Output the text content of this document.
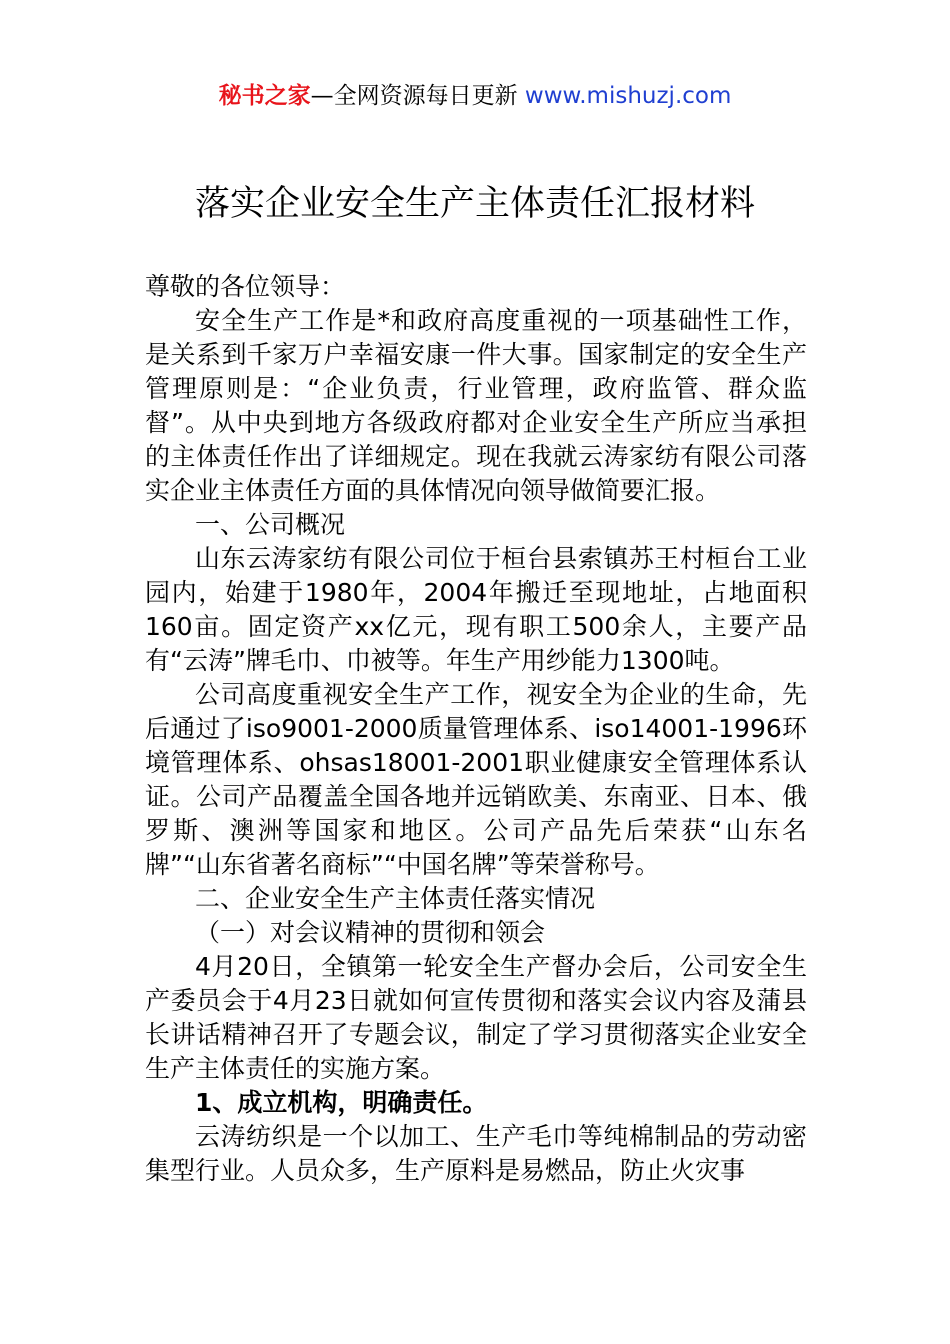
秘书之家—全网资源每日更新 www.mishuzj.com
落实企业安全生产主体责任汇报材料

尊敬的各位领导：

安全生产工作是*和政府高度重视的一项基础性工作，是关系到千家万户幸福安康一件大事。国家制定的安全生产管理原则是：“企业负责，行业管理，政府监管、群众监督”。从中央到地方各级政府都对企业安全生产所应当承担的主体责任作出了详细规定。现在我就云涛家纺有限公司落实企业主体责任方面的具体情况向领导做简要汇报。

一、公司概况

山东云涛家纺有限公司位于桓台县索镇苏王村桓台工业园内，始建于1980年，2004年搬迁至现地址，占地面积160亩。固定资产xx亿元，现有职工500余人，主要产品有“云涛”牌毛巾、巾被等。年生产用纱能力1300吨。

公司高度重视安全生产工作，视安全为企业的生命，先后通过了iso9001-2000质量管理体系、iso14001-1996环境管理体系、ohsas18001-2001职业健康安全管理体系认证。公司产品覆盖全国各地并远销欧美、东南亚、日本、俄罗斯、澳洲等国家和地区。公司产品先后荣获“山东名牌”“山东省著名商标”“中国名牌”等荣誉称号。

二、企业安全生产主体责任落实情况

（一）对会议精神的贯彻和领会

4月20日，全镇第一轮安全生产督办会后，公司安全生产委员会于4月23日就如何宣传贯彻和落实会议内容及蒲县长讲话精神召开了专题会议，制定了学习贯彻落实企业安全生产主体责任的实施方案。

1、成立机构，明确责任。

云涛纺织是一个以加工、生产毛巾等纯棉制品的劳动密集型行业。人员众多，生产原料是易燃品，防止火灾事
